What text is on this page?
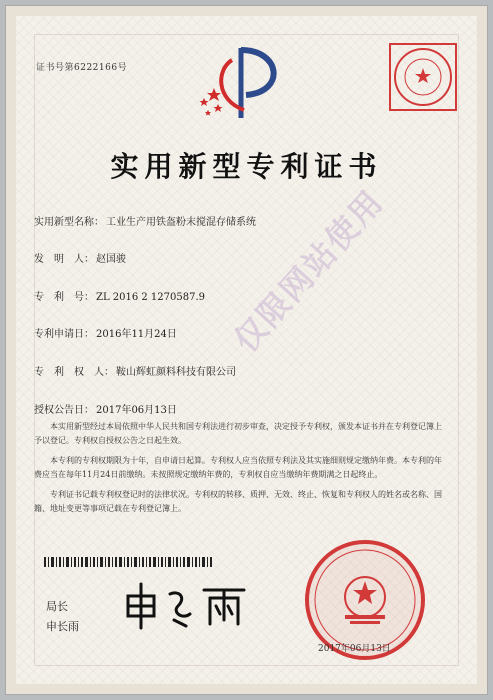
证书号第6222166号
实用新型专利证书
实用新型名称： 工业生产用铁盔粉末搅混存储系统
发　明　人： 赵国骏
专　利　号： ZL 2016 2 1270587.9
专利申请日： 2016年11月24日
专　利　权　人： 鞍山辉虹颜料科技有限公司
授权公告日： 2017年06月13日

本实用新型经过本局依照中华人民共和国专利法进行初步审查，决定授予专利权，颁发本证书并在专利登记簿上予以登记。专利权自授权公告之日起生效。

本专利的专利权期限为十年，自申请日起算。专利权人应当依照专利法及其实施细则规定缴纳年费。本专利的年费应当在每年11月24日前缴纳。未按照规定缴纳年费的，专利权自应当缴纳年费期满之日起终止。

专利证书记载专利权登记时的法律状况。专利权的转移、质押、无效、终止、恢复和专利权人的姓名或名称、国籍、地址变更等事项记载在专利登记簿上。

局长
申长雨
2017年06月13日
仅限网站使用
